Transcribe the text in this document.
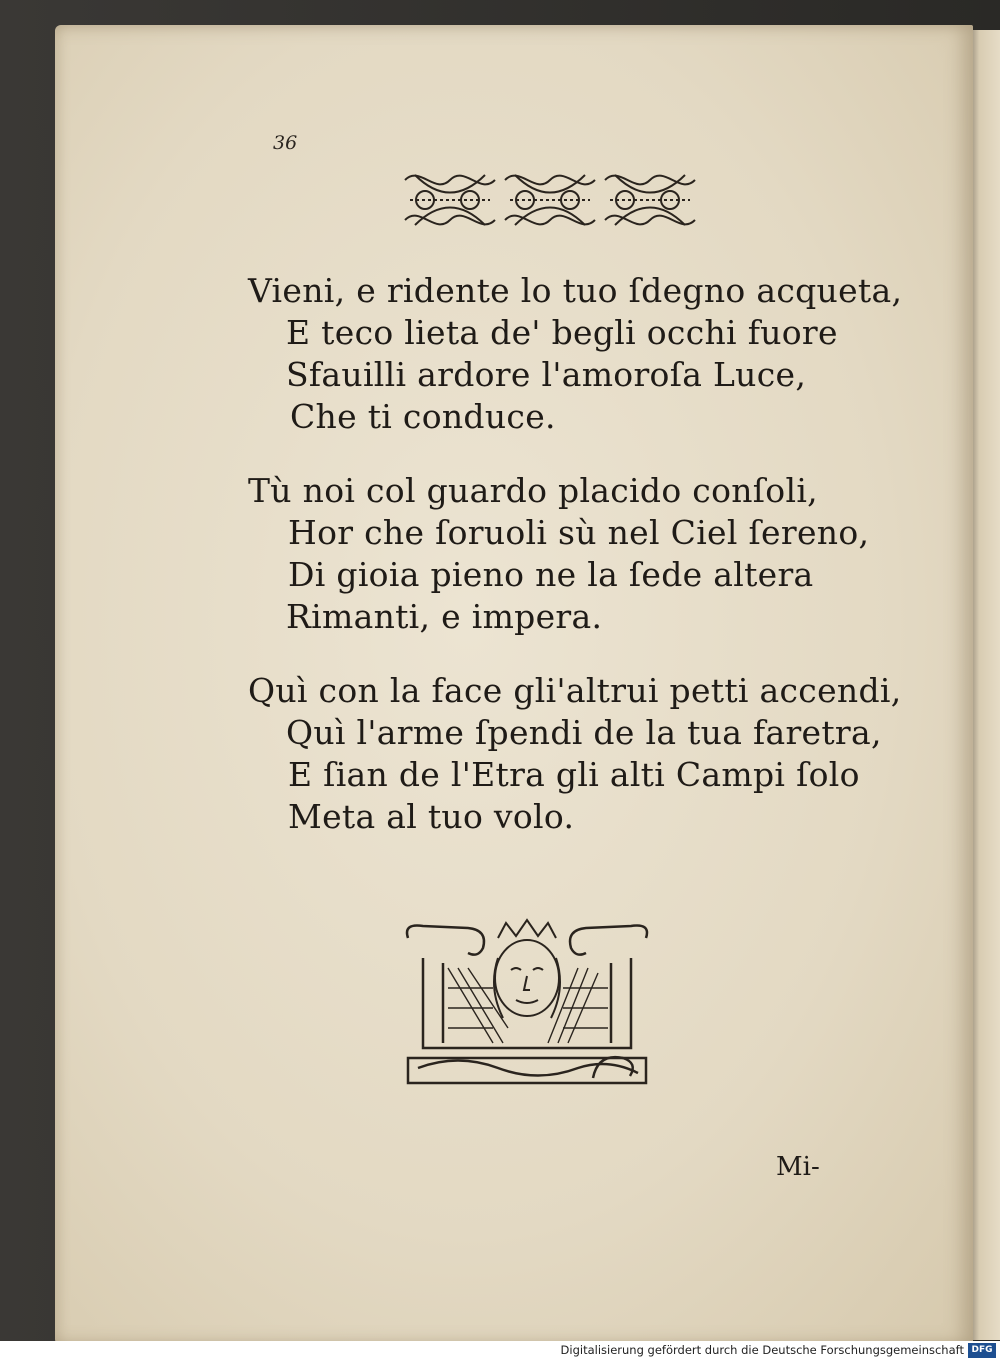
36
Vieni, e ridente lo tuo ſdegno acqueta,
E teco lieta de' begli occhi fuore
Sfauilli ardore l'amoroſa Luce,
Che ti conduce.
Tù noi col guardo placido conſoli,
Hor che ſoruoli sù nel Ciel ſereno,
Di gioia pieno ne la ſede altera
Rimanti, e impera.
Quì con la face gli'altrui petti accendi,
Quì l'arme ſpendi de la tua faretra,
E ſian de l'Etra gli alti Campi ſolo
Meta al tuo volo.
Mi-
Digitalisierung gefördert durch die Deutsche Forschungsgemeinschaft DFG
